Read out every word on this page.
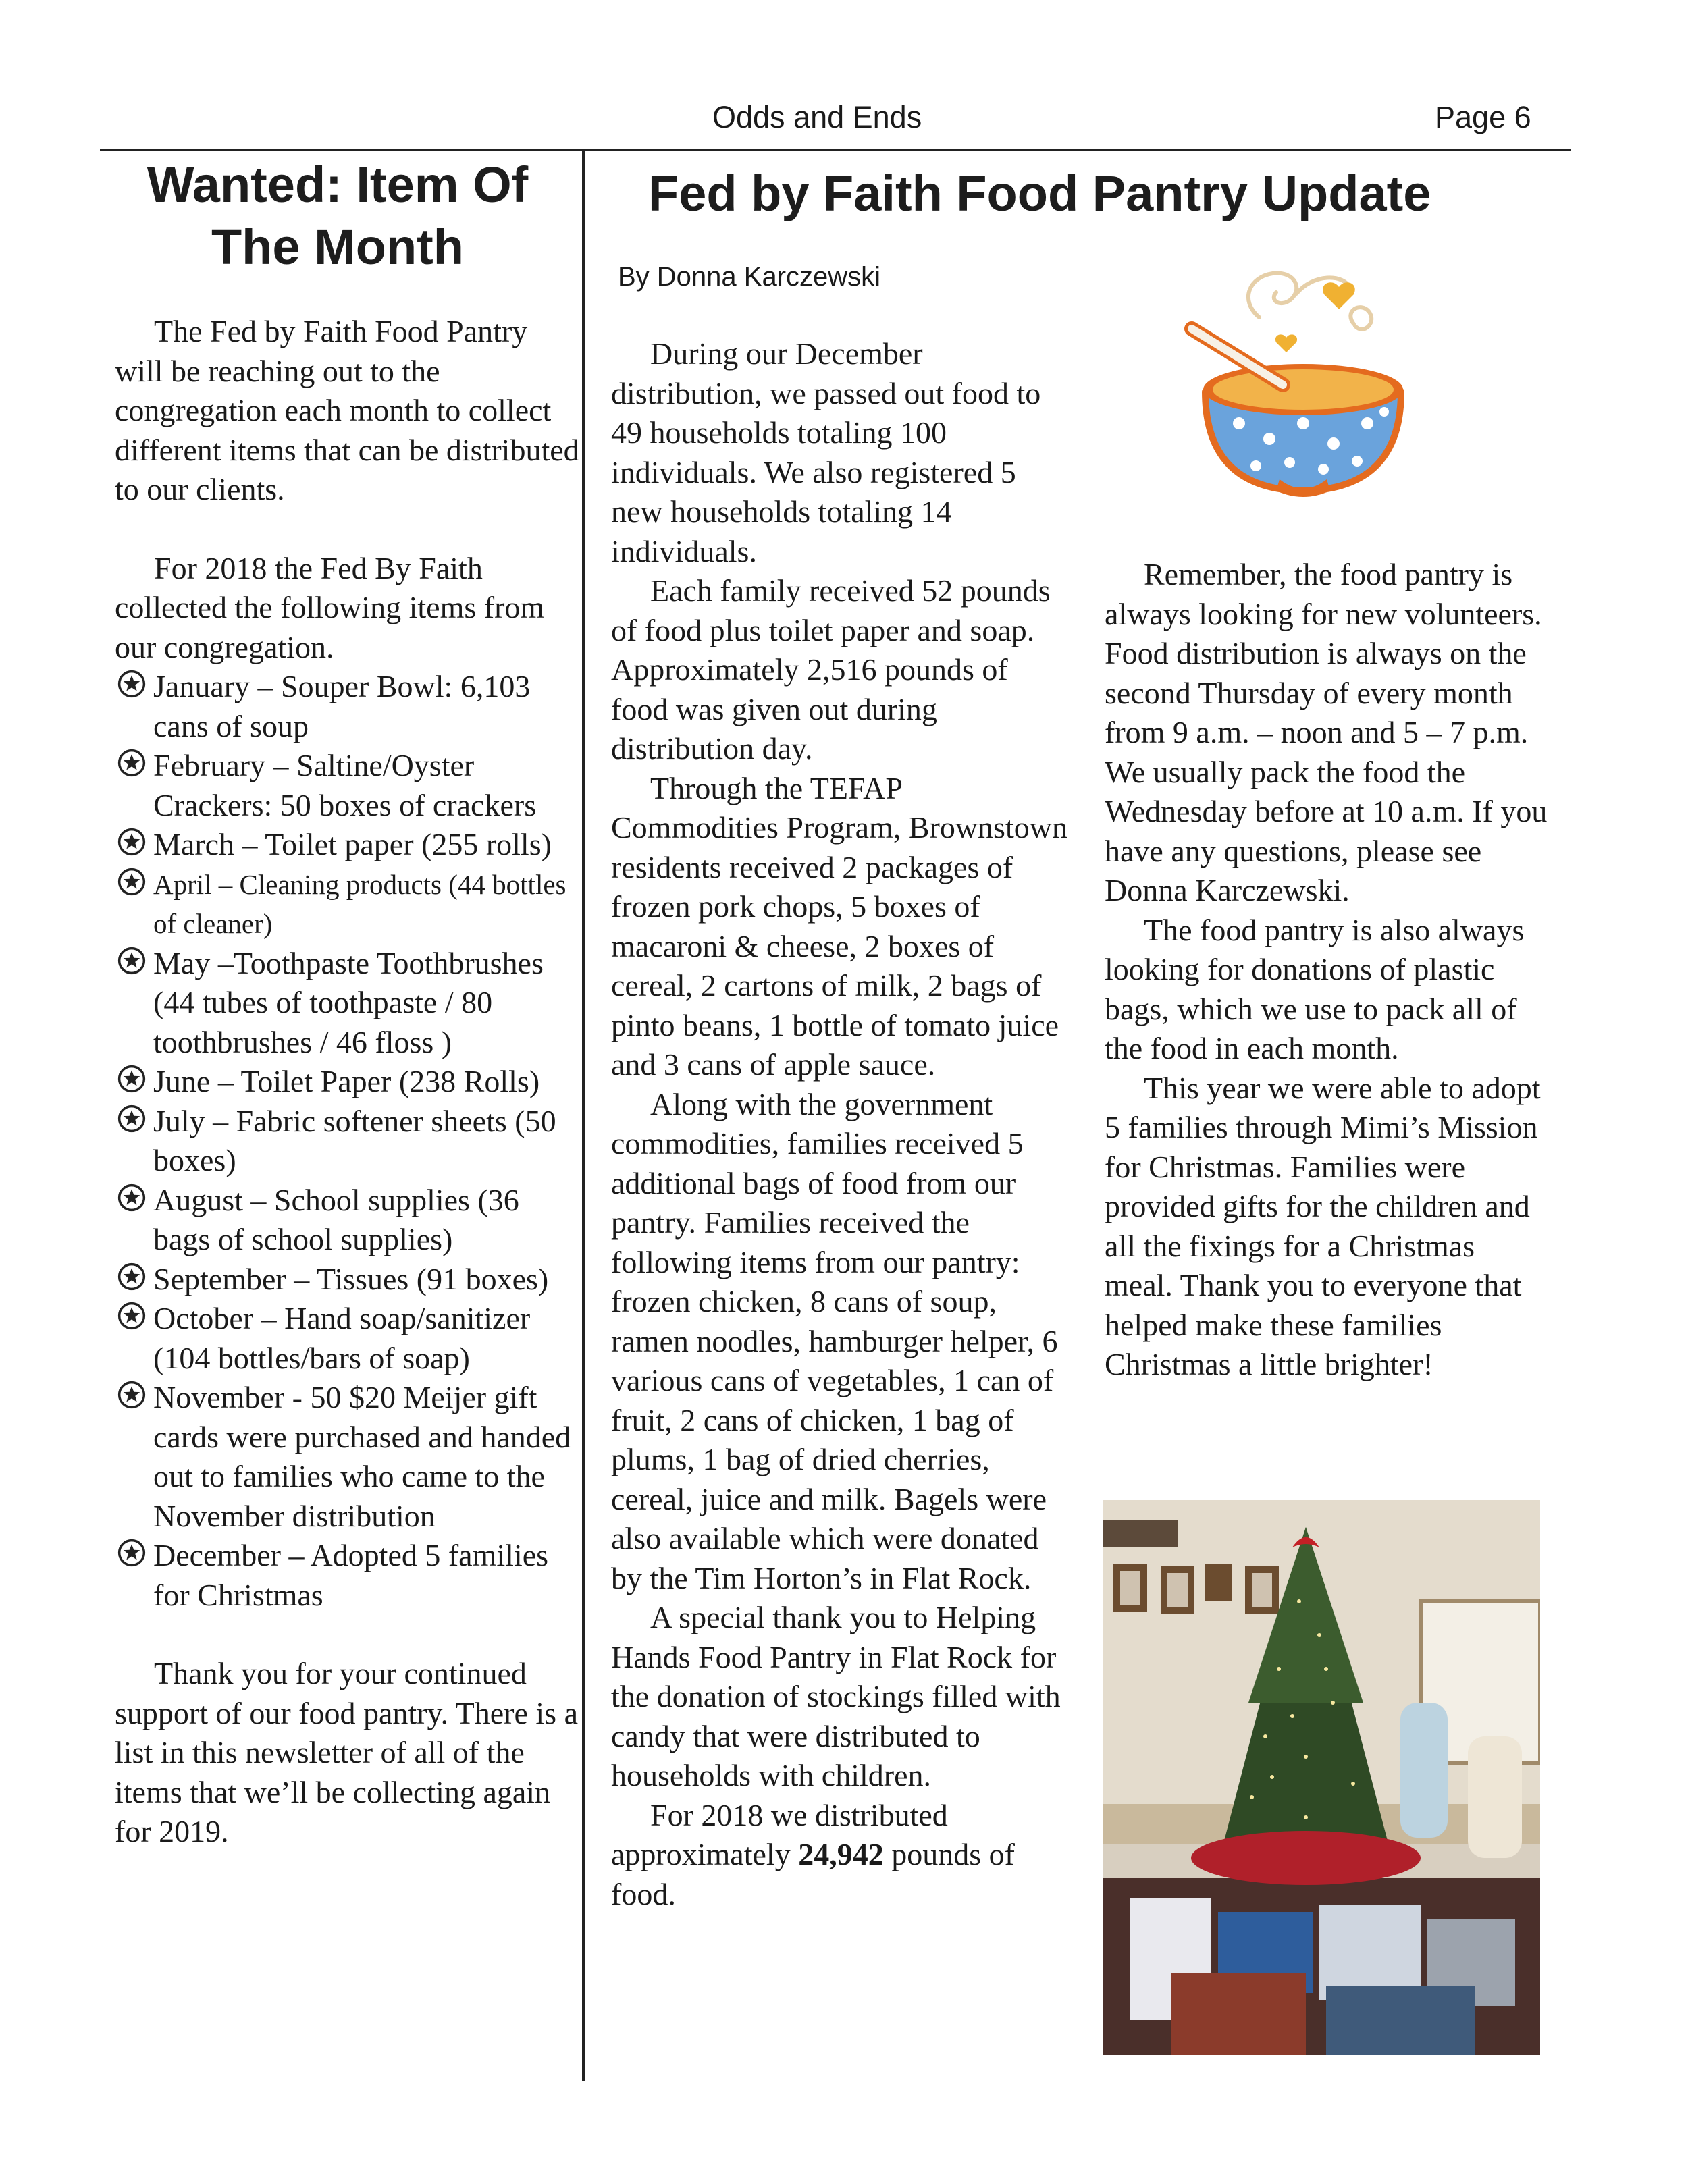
Odds and Ends	Page 6
Wanted: Item Of
The Month
Fed by Faith Food Pantry Update
By Donna Karczewski

The Fed by Faith Food Pantry will be reaching out to the congregation each month to collect different items that can be distributed to our clients.

For 2018 the Fed By Faith collected the following items from our congregation.

January – Souper Bowl: 6,103 cans of soup
February – Saltine/Oyster Crackers: 50 boxes of crackers
March – Toilet paper (255 rolls)
April – Cleaning products (44 bottles of cleaner)
May –Toothpaste Toothbrushes (44 tubes of toothpaste / 80 toothbrushes / 46 floss )
June – Toilet Paper (238 Rolls)
July – Fabric softener sheets (50 boxes)
August – School supplies (36 bags of school supplies)
September – Tissues (91 boxes)
October – Hand soap/sanitizer (104 bottles/bars of soap)
November - 50 $20 Meijer gift cards were purchased and handed out to families who came to the November distribution
December – Adopted 5 families for Christmas

Thank you for your continued support of our food pantry. There is a list in this newsletter of all of the items that we’ll be collecting again for 2019.

During our December distribution, we passed out food to 49 households totaling 100 individuals. We also registered 5 new households totaling 14 individuals.

Each family received 52 pounds of food plus toilet paper and soap. Approximately 2,516 pounds of food was given out during distribution day.

Through the TEFAP Commodities Program, Brownstown residents received 2 packages of frozen pork chops, 5 boxes of macaroni & cheese, 2 boxes of cereal, 2 cartons of milk, 2 bags of pinto beans, 1 bottle of tomato juice and 3 cans of apple sauce.

Along with the government commodities, families received 5 additional bags of food from our pantry. Families received the following items from our pantry: frozen chicken, 8 cans of soup, ramen noodles, hamburger helper, 6 various cans of vegetables, 1 can of fruit, 2 cans of chicken, 1 bag of plums, 1 bag of dried cherries, cereal, juice and milk. Bagels were also available which were donated by the Tim Horton’s in Flat Rock.

A special thank you to Helping Hands Food Pantry in Flat Rock for the donation of stockings filled with candy that were distributed to households with children.

For 2018 we distributed approximately 24,942 pounds of food.

Remember, the food pantry is always looking for new volunteers. Food distribution is always on the second Thursday of every month from 9 a.m. – noon and 5 – 7 p.m. We usually pack the food the Wednesday before at 10 a.m. If you have any questions, please see Donna Karczewski.

The food pantry is also always looking for donations of plastic bags, which we use to pack all of the food in each month.

This year we were able to adopt 5 families through Mimi’s Mission for Christmas. Families were provided gifts for the children and all the fixings for a Christmas meal. Thank you to everyone that helped make these families Christmas a little brighter!
